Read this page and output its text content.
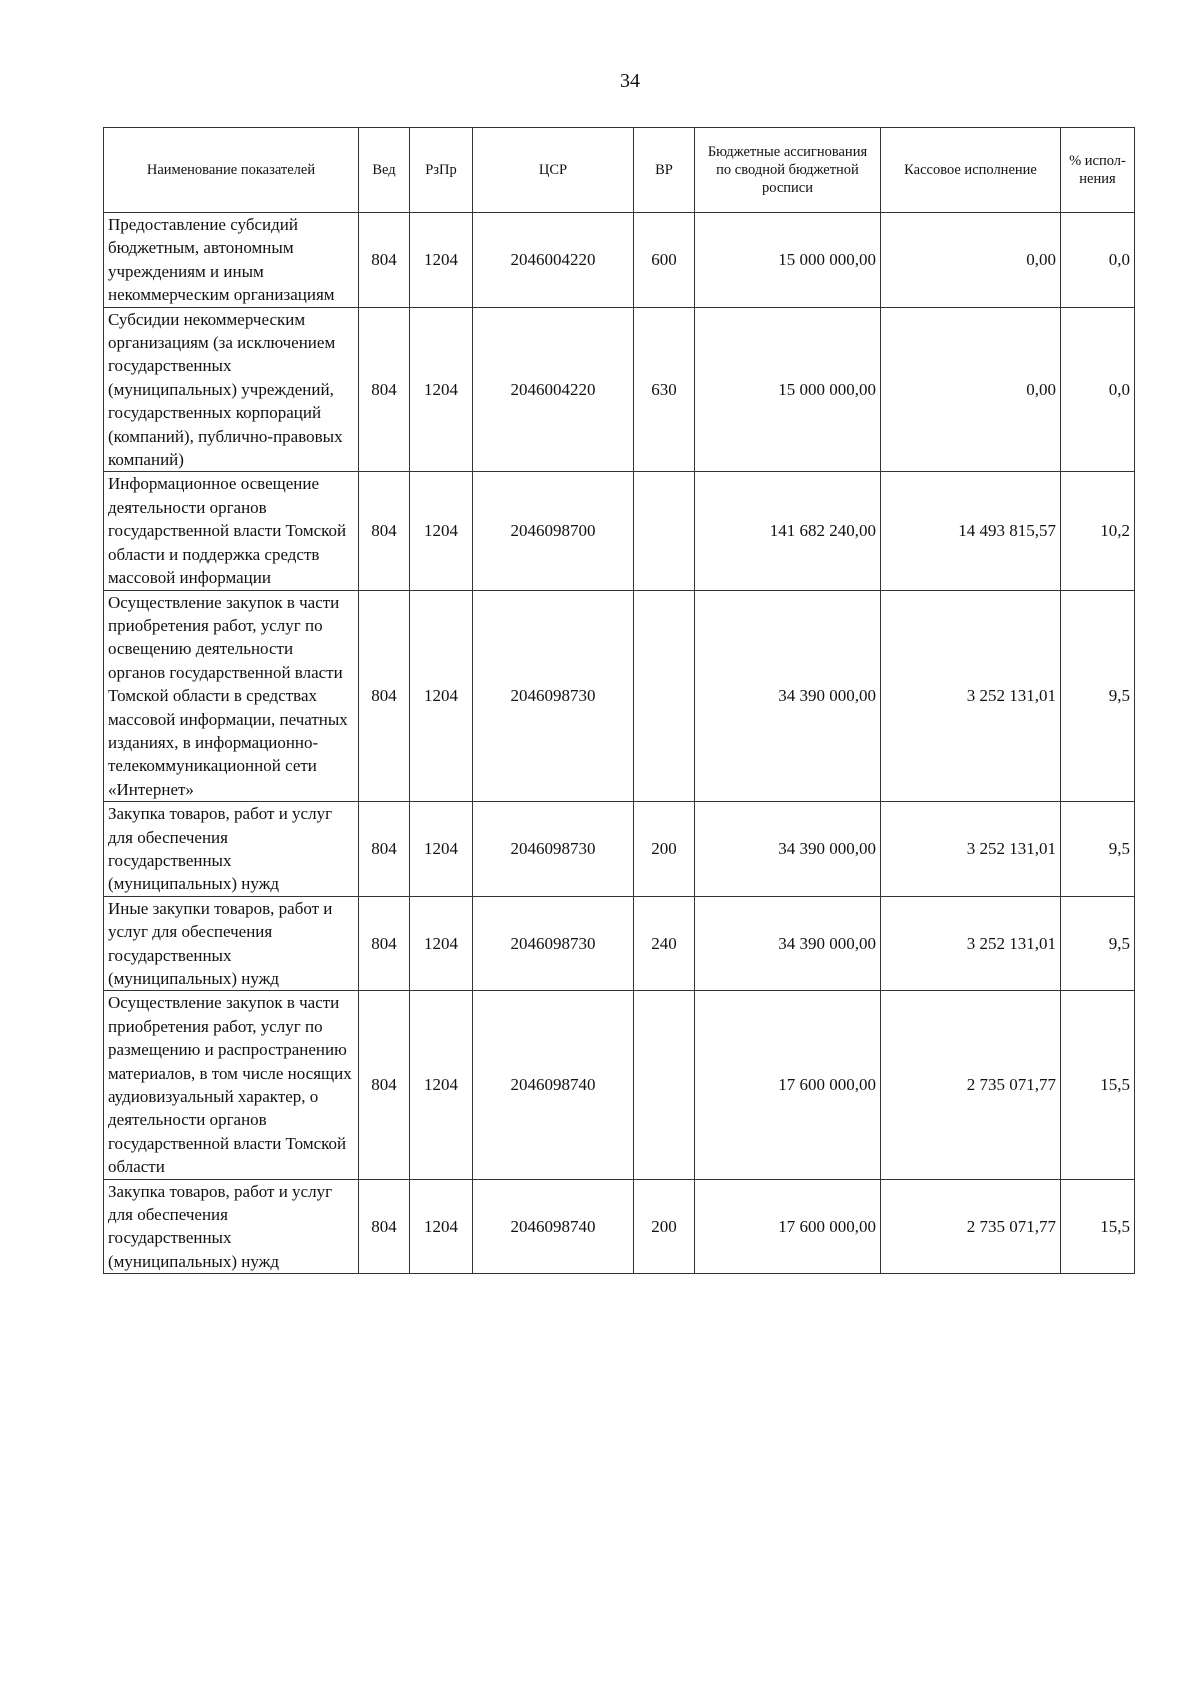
34
Наименование показателей	Вед	РзПр	ЦСР	ВР	Бюджетные ассигнования по сводной бюджетной росписи	Кассовое исполнение	% испол-нения
Предоставление субсидий бюджетным, автономным учреждениям и иным некоммерческим организациям	804	1204	2046004220	600	15 000 000,00	0,00	0,0
Субсидии некоммерческим организациям (за исключением государственных (муниципальных) учреждений, государственных корпораций (компаний), публично-правовых компаний)	804	1204	2046004220	630	15 000 000,00	0,00	0,0
Информационное освещение деятельности органов государственной власти Томской области и поддержка средств массовой информации	804	1204	2046098700		141 682 240,00	14 493 815,57	10,2
Осуществление закупок в части приобретения работ, услуг по освещению деятельности органов государственной власти Томской области в средствах массовой информации, печатных изданиях, в информационно-телекоммуникационной сети «Интернет»	804	1204	2046098730		34 390 000,00	3 252 131,01	9,5
Закупка товаров, работ и услуг для обеспечения государственных (муниципальных) нужд	804	1204	2046098730	200	34 390 000,00	3 252 131,01	9,5
Иные закупки товаров, работ и услуг для обеспечения государственных (муниципальных) нужд	804	1204	2046098730	240	34 390 000,00	3 252 131,01	9,5
Осуществление закупок в части приобретения работ, услуг по размещению и распространению материалов, в том числе носящих аудиовизуальный характер, о деятельности органов государственной власти Томской области	804	1204	2046098740		17 600 000,00	2 735 071,77	15,5
Закупка товаров, работ и услуг для обеспечения государственных (муниципальных) нужд	804	1204	2046098740	200	17 600 000,00	2 735 071,77	15,5
